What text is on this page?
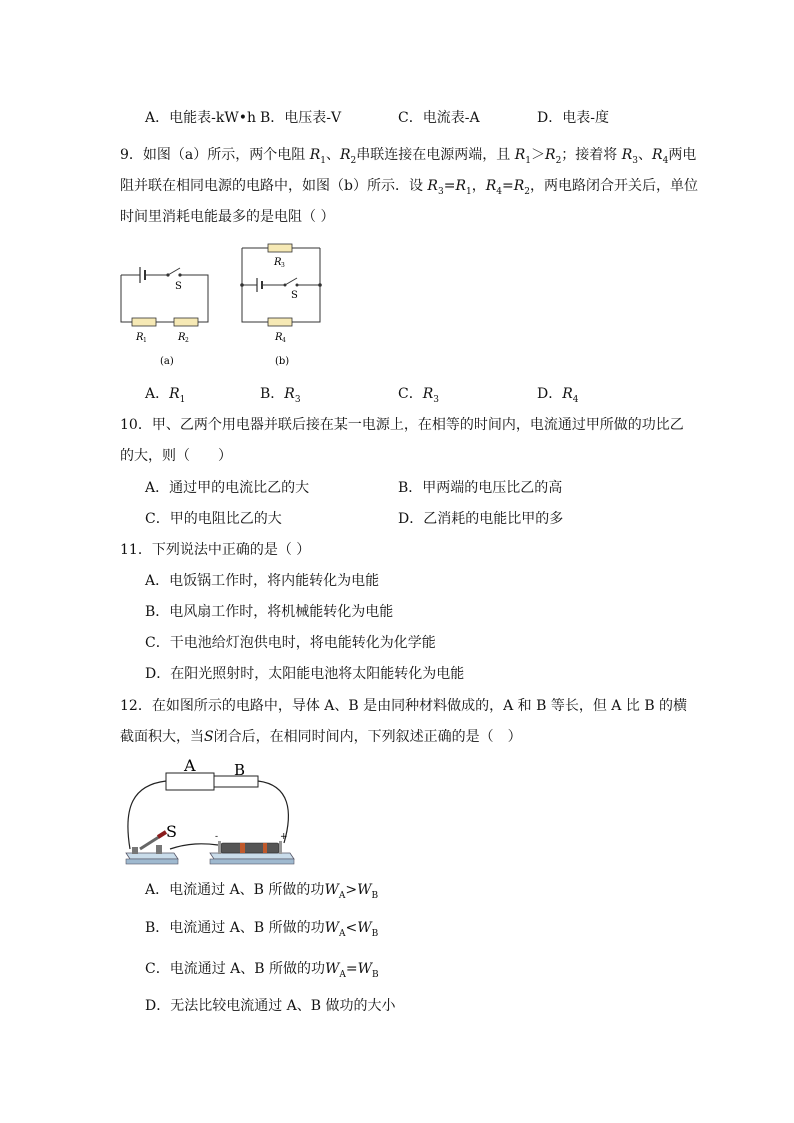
A．电能表-kW•h B．电压表-V	C．电流表-A	D．电表-度
9．如图（a）所示，两个电阻 $R_1$、$R_2$串联连接在电源两端，且 $R_1>R_2$；接着将 $R_3$、$R_4$两电
阻并联在相同电源的电路中，如图（b）所示．设 $R_3=R_1$，$R_4=R_2$，两电路闭合开关后，单位
时间里消耗电能最多的是电阻（ ）
S
R 1	R 2
(a)
R 3
S
R 4
(b)
A．$R_1$	B．$R_3$	C．$R_3$	D．$R_4$
10．甲、乙两个用电器并联后接在某一电源上，在相等的时间内，电流通过甲所做的功比乙
的大，则（　　）
A．通过甲的电流比乙的大	B．甲两端的电压比乙的高
C．甲的电阻比乙的大	D．乙消耗的电能比甲的多
11．下列说法中正确的是（ ）
A．电饭锅工作时，将内能转化为电能
B．电风扇工作时，将机械能转化为电能
C．干电池给灯泡供电时，将电能转化为化学能
D．在阳光照射时，太阳能电池将太阳能转化为电能
12．在如图所示的电路中，导体 A、B 是由同种材料做成的，A 和 B 等长，但 A 比 B 的横
截面积大，当S闭合后，在相同时间内，下列叙述正确的是（　）
A	B
S	-	+
A．电流通过 A、B 所做的功$W_A>W_B$
B．电流通过 A、B 所做的功$W_A<W_B$
C．电流通过 A、B 所做的功$W_A=W_B$
D．无法比较电流通过 A、B 做功的大小
